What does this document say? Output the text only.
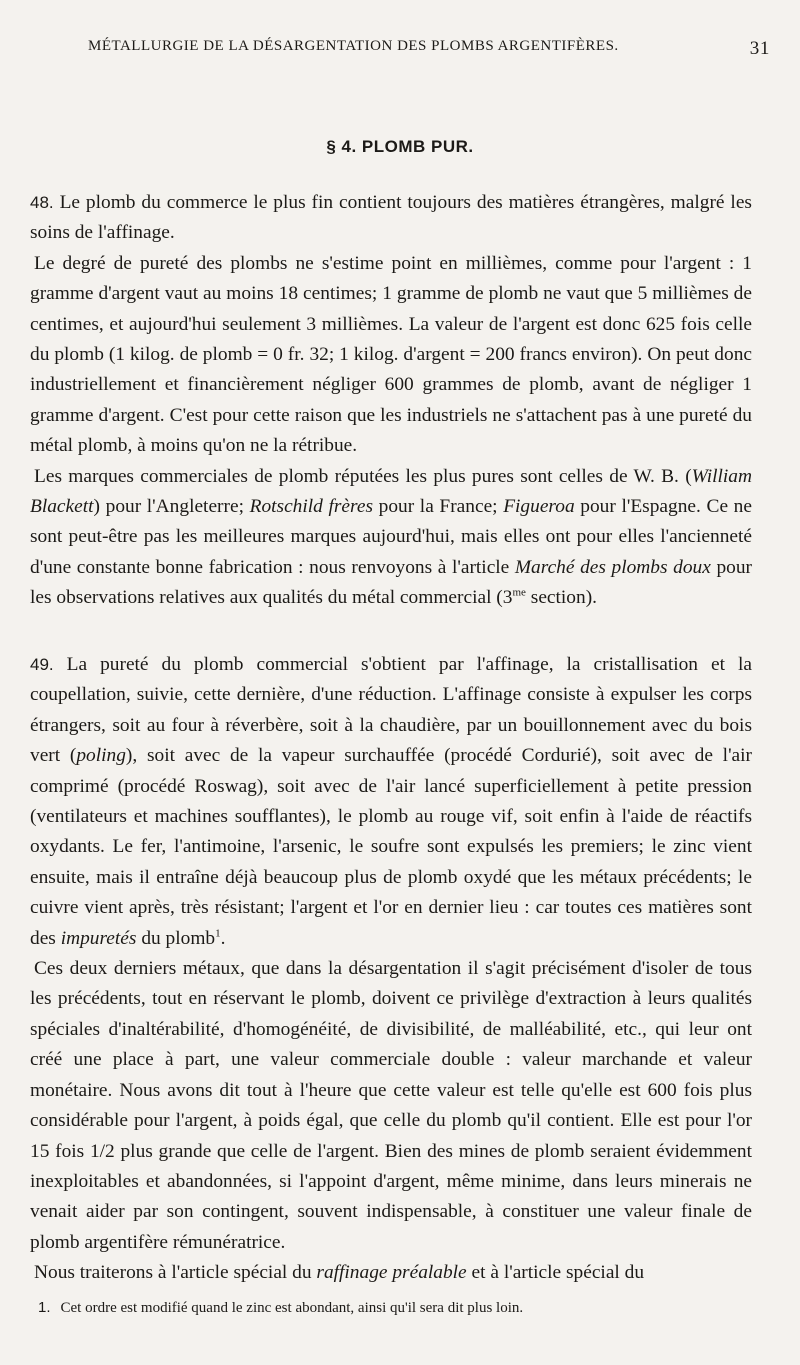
MÉTALLURGIE DE LA DÉSARGENTATION DES PLOMBS ARGENTIFÈRES.	31
§ 4. PLOMB PUR.

48. Le plomb du commerce le plus fin contient toujours des matières étrangères, malgré les soins de l'affinage.

Le degré de pureté des plombs ne s'estime point en millièmes, comme pour l'argent : 1 gramme d'argent vaut au moins 18 centimes; 1 gramme de plomb ne vaut que 5 millièmes de centimes, et aujourd'hui seulement 3 millièmes. La valeur de l'argent est donc 625 fois celle du plomb (1 kilog. de plomb = 0 fr. 32; 1 kilog. d'argent = 200 francs environ). On peut donc industriellement et financièrement négliger 600 grammes de plomb, avant de négliger 1 gramme d'argent. C'est pour cette raison que les industriels ne s'attachent pas à une pureté du métal plomb, à moins qu'on ne la rétribue.

Les marques commerciales de plomb réputées les plus pures sont celles de W. B. (William Blackett) pour l'Angleterre; Rotschild frères pour la France; Figueroa pour l'Espagne. Ce ne sont peut-être pas les meilleures marques aujourd'hui, mais elles ont pour elles l'ancienneté d'une constante bonne fabrication : nous renvoyons à l'article Marché des plombs doux pour les observations relatives aux qualités du métal commercial ($3^{me}$ section).

49. La pureté du plomb commercial s'obtient par l'affinage, la cristallisation et la coupellation, suivie, cette dernière, d'une réduction. L'affinage consiste à expulser les corps étrangers, soit au four à réverbère, soit à la chaudière, par un bouillonnement avec du bois vert (poling), soit avec de la vapeur surchauffée (procédé Cordurié), soit avec de l'air comprimé (procédé Roswag), soit avec de l'air lancé superficiellement à petite pression (ventilateurs et machines soufflantes), le plomb au rouge vif, soit enfin à l'aide de réactifs oxydants. Le fer, l'antimoine, l'arsenic, le soufre sont expulsés les premiers; le zinc vient ensuite, mais il entraîne déjà beaucoup plus de plomb oxydé que les métaux précédents; le cuivre vient après, très résistant; l'argent et l'or en dernier lieu : car toutes ces matières sont des impuretés du plomb$^1$.

Ces deux derniers métaux, que dans la désargentation il s'agit précisément d'isoler de tous les précédents, tout en réservant le plomb, doivent ce privilège d'extraction à leurs qualités spéciales d'inaltérabilité, d'homogénéité, de divisibilité, de malléabilité, etc., qui leur ont créé une place à part, une valeur commerciale double : valeur marchande et valeur monétaire. Nous avons dit tout à l'heure que cette valeur est telle qu'elle est 600 fois plus considérable pour l'argent, à poids égal, que celle du plomb qu'il contient. Elle est pour l'or 15 fois 1/2 plus grande que celle de l'argent. Bien des mines de plomb seraient évidemment inexploitables et abandonnées, si l'appoint d'argent, même minime, dans leurs minerais ne venait aider par son contingent, souvent indispensable, à constituer une valeur finale de plomb argentifère rémunératrice.

Nous traiterons à l'article spécial du raffinage préalable et à l'article spécial du

1. Cet ordre est modifié quand le zinc est abondant, ainsi qu'il sera dit plus loin.
